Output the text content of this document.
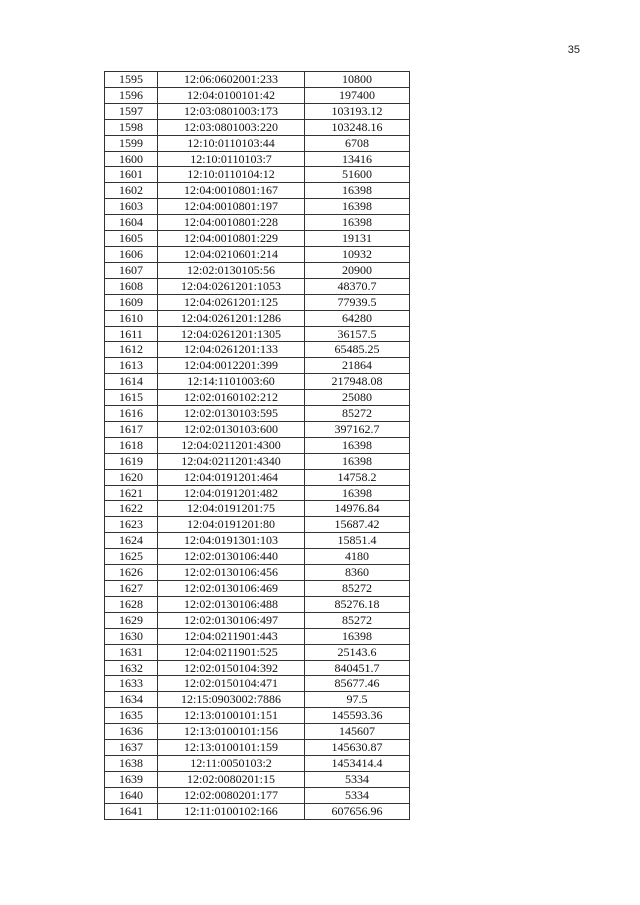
35
1595	12:06:0602001:233	10800
1596	12:04:0100101:42	197400
1597	12:03:0801003:173	103193.12
1598	12:03:0801003:220	103248.16
1599	12:10:0110103:44	6708
1600	12:10:0110103:7	13416
1601	12:10:0110104:12	51600
1602	12:04:0010801:167	16398
1603	12:04:0010801:197	16398
1604	12:04:0010801:228	16398
1605	12:04:0010801:229	19131
1606	12:04:0210601:214	10932
1607	12:02:0130105:56	20900
1608	12:04:0261201:1053	48370.7
1609	12:04:0261201:125	77939.5
1610	12:04:0261201:1286	64280
1611	12:04:0261201:1305	36157.5
1612	12:04:0261201:133	65485.25
1613	12:04:0012201:399	21864
1614	12:14:1101003:60	217948.08
1615	12:02:0160102:212	25080
1616	12:02:0130103:595	85272
1617	12:02:0130103:600	397162.7
1618	12:04:0211201:4300	16398
1619	12:04:0211201:4340	16398
1620	12:04:0191201:464	14758.2
1621	12:04:0191201:482	16398
1622	12:04:0191201:75	14976.84
1623	12:04:0191201:80	15687.42
1624	12:04:0191301:103	15851.4
1625	12:02:0130106:440	4180
1626	12:02:0130106:456	8360
1627	12:02:0130106:469	85272
1628	12:02:0130106:488	85276.18
1629	12:02:0130106:497	85272
1630	12:04:0211901:443	16398
1631	12:04:0211901:525	25143.6
1632	12:02:0150104:392	840451.7
1633	12:02:0150104:471	85677.46
1634	12:15:0903002:7886	97.5
1635	12:13:0100101:151	145593.36
1636	12:13:0100101:156	145607
1637	12:13:0100101:159	145630.87
1638	12:11:0050103:2	1453414.4
1639	12:02:0080201:15	5334
1640	12:02:0080201:177	5334
1641	12:11:0100102:166	607656.96
